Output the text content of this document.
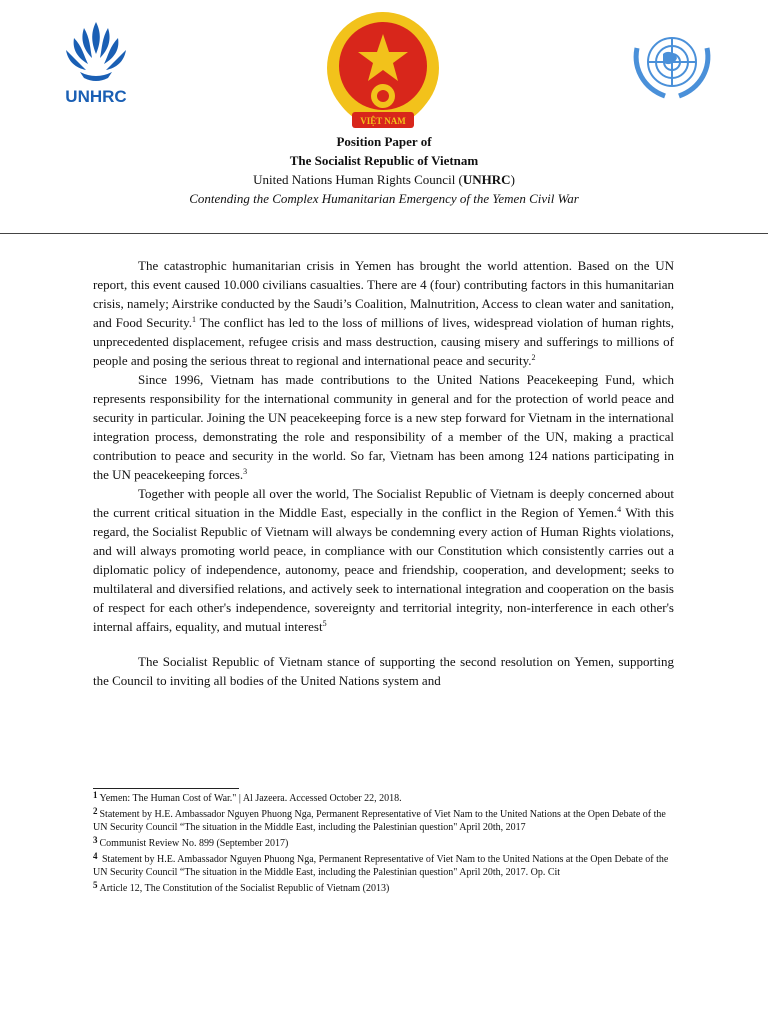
UNHRC
VIỆT NAM
Position Paper of
The Socialist Republic of Vietnam
United Nations Human Rights Council (UNHRC)
Contending the Complex Humanitarian Emergency of the Yemen Civil War

The catastrophic humanitarian crisis in Yemen has brought the world attention. Based on the UN report, this event caused 10.000 civilians casualties. There are 4 (four) contributing factors in this humanitarian crisis, namely; Airstrike conducted by the Saudi’s Coalition, Malnutrition, Access to clean water and sanitation, and Food Security.$^1$ The conflict has led to the loss of millions of lives, widespread violation of human rights, unprecedented displacement, refugee crisis and mass destruction, causing misery and sufferings to millions of people and posing the serious threat to regional and international peace and security.$^2$

Since 1996, Vietnam has made contributions to the United Nations Peacekeeping Fund, which represents responsibility for the international community in general and for the protection of world peace and security in particular. Joining the UN peacekeeping force is a new step forward for Vietnam in the international integration process, demonstrating the role and responsibility of a member of the UN, making a practical contribution to peace and security in the world. So far, Vietnam has been among 124 nations participating in the UN peacekeeping forces.$^3$

Together with people all over the world, The Socialist Republic of Vietnam is deeply concerned about the current critical situation in the Middle East, especially in the conflict in the Region of Yemen.$^4$ With this regard, the Socialist Republic of Vietnam will always be condemning every action of Human Rights violations, and will always promoting world peace, in compliance with our Constitution which consistently carries out a diplomatic policy of independence, autonomy, peace and friendship, cooperation, and development; seeks to multilateral and diversified relations, and actively seek to international integration and cooperation on the basis of respect for each other's independence, sovereignty and territorial integrity, non-interference in each other's internal affairs, equality, and mutual interest$^5$

The Socialist Republic of Vietnam stance of supporting the second resolution on Yemen, supporting the Council to inviting all bodies of the United Nations system and

1 Yemen: The Human Cost of War." | Al Jazeera. Accessed October 22, 2018.

2 Statement by H.E. Ambassador Nguyen Phuong Nga, Permanent Representative of Viet Nam to the United Nations at the Open Debate of the UN Security Council “The situation in the Middle East, including the Palestinian question" April 20th, 2017

3 Communist Review No. 899 (September 2017)

4 Statement by H.E. Ambassador Nguyen Phuong Nga, Permanent Representative of Viet Nam to the United Nations at the Open Debate of the UN Security Council “The situation in the Middle East, including the Palestinian question" April 20th, 2017. Op. Cit

5 Article 12, The Constitution of the Socialist Republic of Vietnam (2013)
